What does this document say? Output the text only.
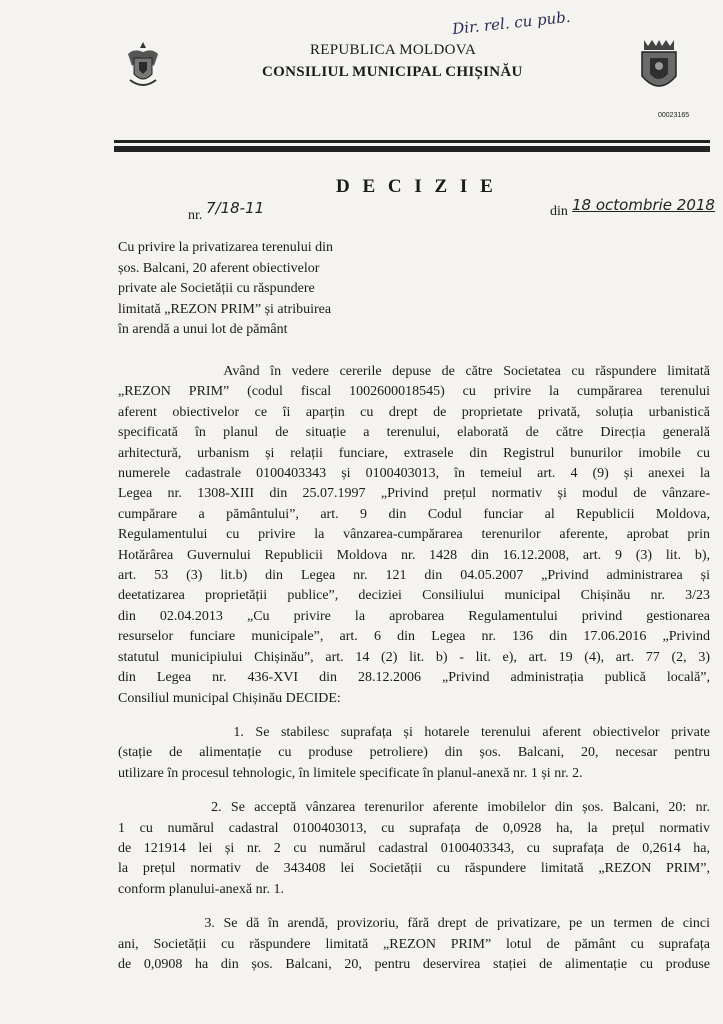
Dir. rel. cu pub.
REPUBLICA MOLDOVA
CONSILIUL MUNICIPAL CHIȘINĂU
00023165
D E C I Z I E
nr. 7/18-11	din 18 octombrie 2018
Cu privire la privatizarea terenului din
șos. Balcani, 20 aferent obiectivelor
private ale Societății cu răspundere
limitată „REZON PRIM” și atribuirea
în arendă a unui lot de pământ
Având în vedere cererile depuse de către Societatea cu răspundere limitată
„REZON PRIM” (codul fiscal 1002600018545) cu privire la cumpărarea terenului
aferent obiectivelor ce îi aparțin cu drept de proprietate privată, soluția urbanistică
specificată în planul de situație a terenului, elaborată de către Direcția generală
arhitectură, urbanism și relații funciare, extrasele din Registrul bunurilor imobile cu
numerele cadastrale 0100403343 și 0100403013, în temeiul art. 4 (9) și anexei la
Legea nr. 1308-XIII din 25.07.1997 „Privind prețul normativ și modul de vânzare-
cumpărare a pământului”, art. 9 din Codul funciar al Republicii Moldova,
Regulamentului cu privire la vânzarea-cumpărarea terenurilor aferente, aprobat prin
Hotărârea Guvernului Republicii Moldova nr. 1428 din 16.12.2008, art. 9 (3) lit. b),
art. 53 (3) lit.b) din Legea nr. 121 din 04.05.2007 „Privind administrarea și
deetatizarea proprietății publice”, deciziei Consiliului municipal Chișinău nr. 3/23
din 02.04.2013 „Cu privire la aprobarea Regulamentului privind gestionarea
resurselor funciare municipale”, art. 6 din Legea nr. 136 din 17.06.2016 „Privind
statutul municipiului Chișinău”, art. 14 (2) lit. b) - lit. e), art. 19 (4), art. 77 (2, 3)
din Legea nr. 436-XVI din 28.12.2006 „Privind administrația publică locală”,
Consiliul municipal Chișinău DECIDE:
1. Se stabilesc suprafața și hotarele terenului aferent obiectivelor private
(stație de alimentație cu produse petroliere) din șos. Balcani, 20, necesar pentru
utilizare în procesul tehnologic, în limitele specificate în planul-anexă nr. 1 și nr. 2.
2. Se acceptă vânzarea terenurilor aferente imobilelor din șos. Balcani, 20: nr.
1 cu numărul cadastral 0100403013, cu suprafața de 0,0928 ha, la prețul normativ
de 121914 lei și nr. 2 cu numărul cadastral 0100403343, cu suprafața de 0,2614 ha,
la prețul normativ de 343408 lei Societății cu răspundere limitată „REZON PRIM”,
conform planului-anexă nr. 1.
3. Se dă în arendă, provizoriu, fără drept de privatizare, pe un termen de cinci
ani, Societății cu răspundere limitată „REZON PRIM” lotul de pământ cu suprafața
de 0,0908 ha din șos. Balcani, 20, pentru deservirea stației de alimentație cu produse
